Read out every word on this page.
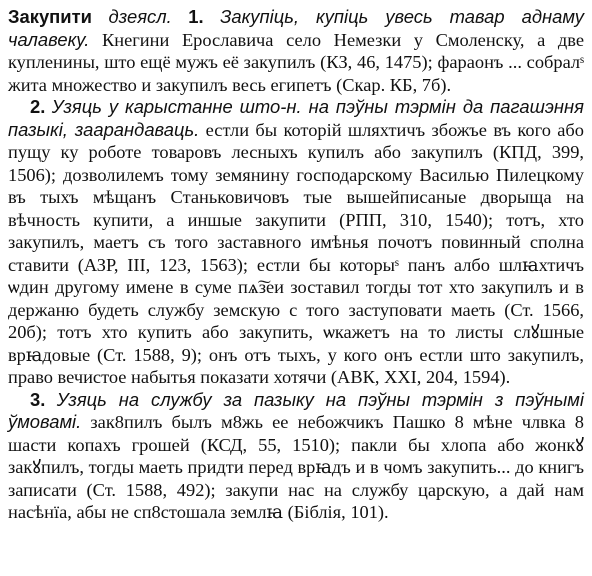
Закупити дзеясл. 1. Закупіць, купіць увесь тавар аднаму чалавеку. Кнегини Ерославича село Немезки у Смоленску, а две купленины, што ещё мужъ её закупилъ (КЗ, 46, 1475); фараонъ ... собралˢ жита множество и закупилъ весь египетъ (Скар. КБ, 7б).

2. Узяць у карыстанне што-н. на пэўны тэрмін да пагашэння пазыкі, заарандаваць. естли бы которій шляхтичъ збожъе въ кого або пущу ку роботе товаровъ лесныхъ купилъ або закупилъ (КПД, 399, 1506); дозволилемъ тому земянину господарскому Василью Пилецкому въ тыхъ мѣщанъ Станьковичовъ тые вышейписаные дворыща на вѣчность купити, а иншые закупити (РПП, 310, 1540); тотъ, хто закупилъ, маетъ съ того заставного имѣнья почотъ повинный сполна ставити (АЗР, III, 123, 1563); естли бы которыˢ панъ албо шлꙗхтичъ ѡдин другому имене в суме пѧ͠зеи зоставил тогды тот хто закупилъ и в держаню будеть службу земскую с того заступовати маеть (Ст. 1566, 20б); тотъ хто купить або закупить, ѡкажетъ на то листы слꙋшные врꙗдовые (Ст. 1588, 9); онъ отъ тыхъ, у кого онъ естли што закупилъ, право вечистое набытья показати хотячи (АВК, XXI, 204, 1594).

3. Узяць на службу за пазыку на пэўны тэрмін з пэўнымі ўмовамі. зак8пилъ былъ м8жь ее небожчикъ Пашко 8 мѣне члвка 8 шасти копахъ грошей (КСД, 55, 1510); пакли бы хлопа або жонкꙋ закꙋпилъ, тогды маеть придти перед врꙗдъ и в чомъ закупить... до книгъ записати (Ст. 1588, 492); закупи нас на службу царскую, а дай нам насѣнїа, абы не сп8стошала землꙗ (Біблія, 101).
